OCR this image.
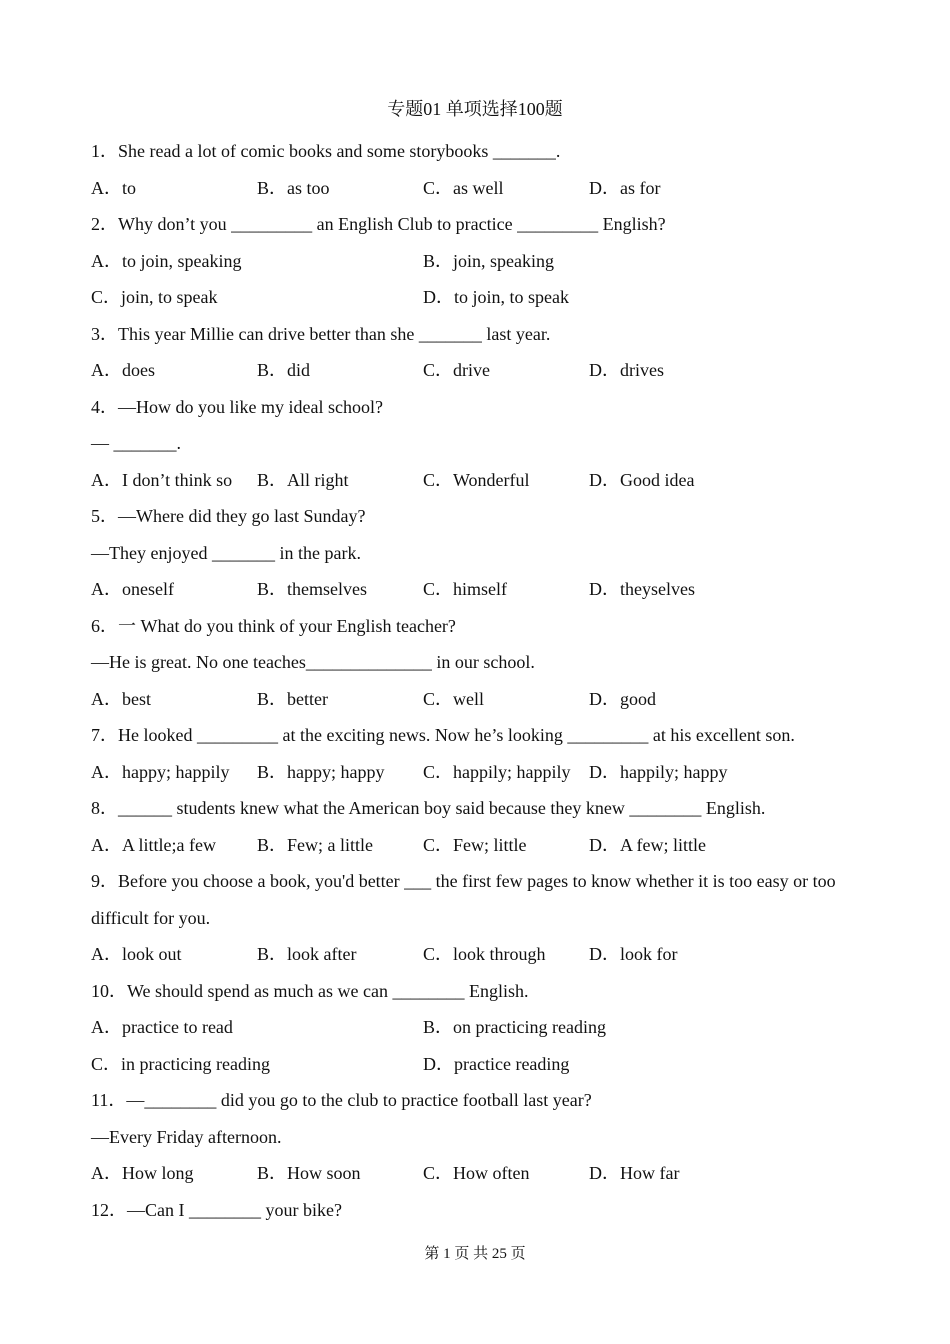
专题01 单项选择100题
1．She read a lot of comic books and some storybooks _______.
A．to	B．as too	C．as well	D．as for
2．Why don’t you _________ an English Club to practice _________ English?
A．to join, speaking	B．join, speaking
C．join, to speak	D．to join, to speak
3．This year Millie can drive better than she _______ last year.
A．does	B．did	C．drive	D．drives
4．—How do you like my ideal school?
— _______.
A．I don’t think so	B．All right	C．Wonderful	D．Good idea
5．—Where did they go last Sunday?
—They enjoyed _______ in the park.
A．oneself	B．themselves	C．himself	D．theyselves
6．一 What do you think of your English teacher?
—He is great. No one teaches______________ in our school.
A．best	B．better	C．well	D．good
7．He looked _________ at the exciting news. Now he’s looking _________ at his excellent son.
A．happy; happily	B．happy; happy	C．happily; happily	D．happily; happy
8．______ students knew what the American boy said because they knew ________ English.
A．A little;a few	B．Few; a little	C．Few; little	D．A few; little
9．Before you choose a book, you'd better ___ the first few pages to know whether it is too easy or too difficult for you.
A．look out	B．look after	C．look through	D．look for
10．We should spend as much as we can ________ English.
A．practice to read	B．on practicing reading
C．in practicing reading	D．practice reading
11．—________ did you go to the club to practice football last year?
—Every Friday afternoon.
A．How long	B．How soon	C．How often	D．How far
12．—Can I ________ your bike?
第 1 页 共 25 页
